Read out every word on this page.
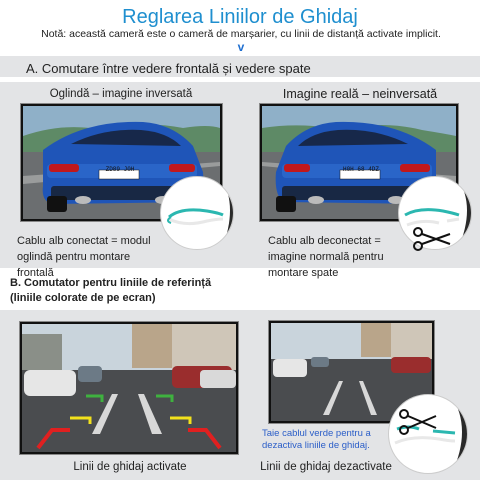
Reglarea Liniilor de Ghidaj
Notă: această cameră este o cameră de marșarier, cu linii de distanță activate implicit.
v
A. Comutare între vedere frontală și vedere spate
Oglindă – imagine inversată	Imagine reală – neinversată
ZD89 J0H	H0H 68 4DZ
Cablu alb conectat = modul
oglindă pentru montare
frontală
Cablu alb deconectat =
imagine normală pentru
montare spate
B. Comutator pentru liniile de referință
(liniile colorate de pe ecran)
Taie cablul verde pentru a
dezactiva liniile de ghidaj.
Linii de ghidaj activate	Linii de ghidaj dezactivate
